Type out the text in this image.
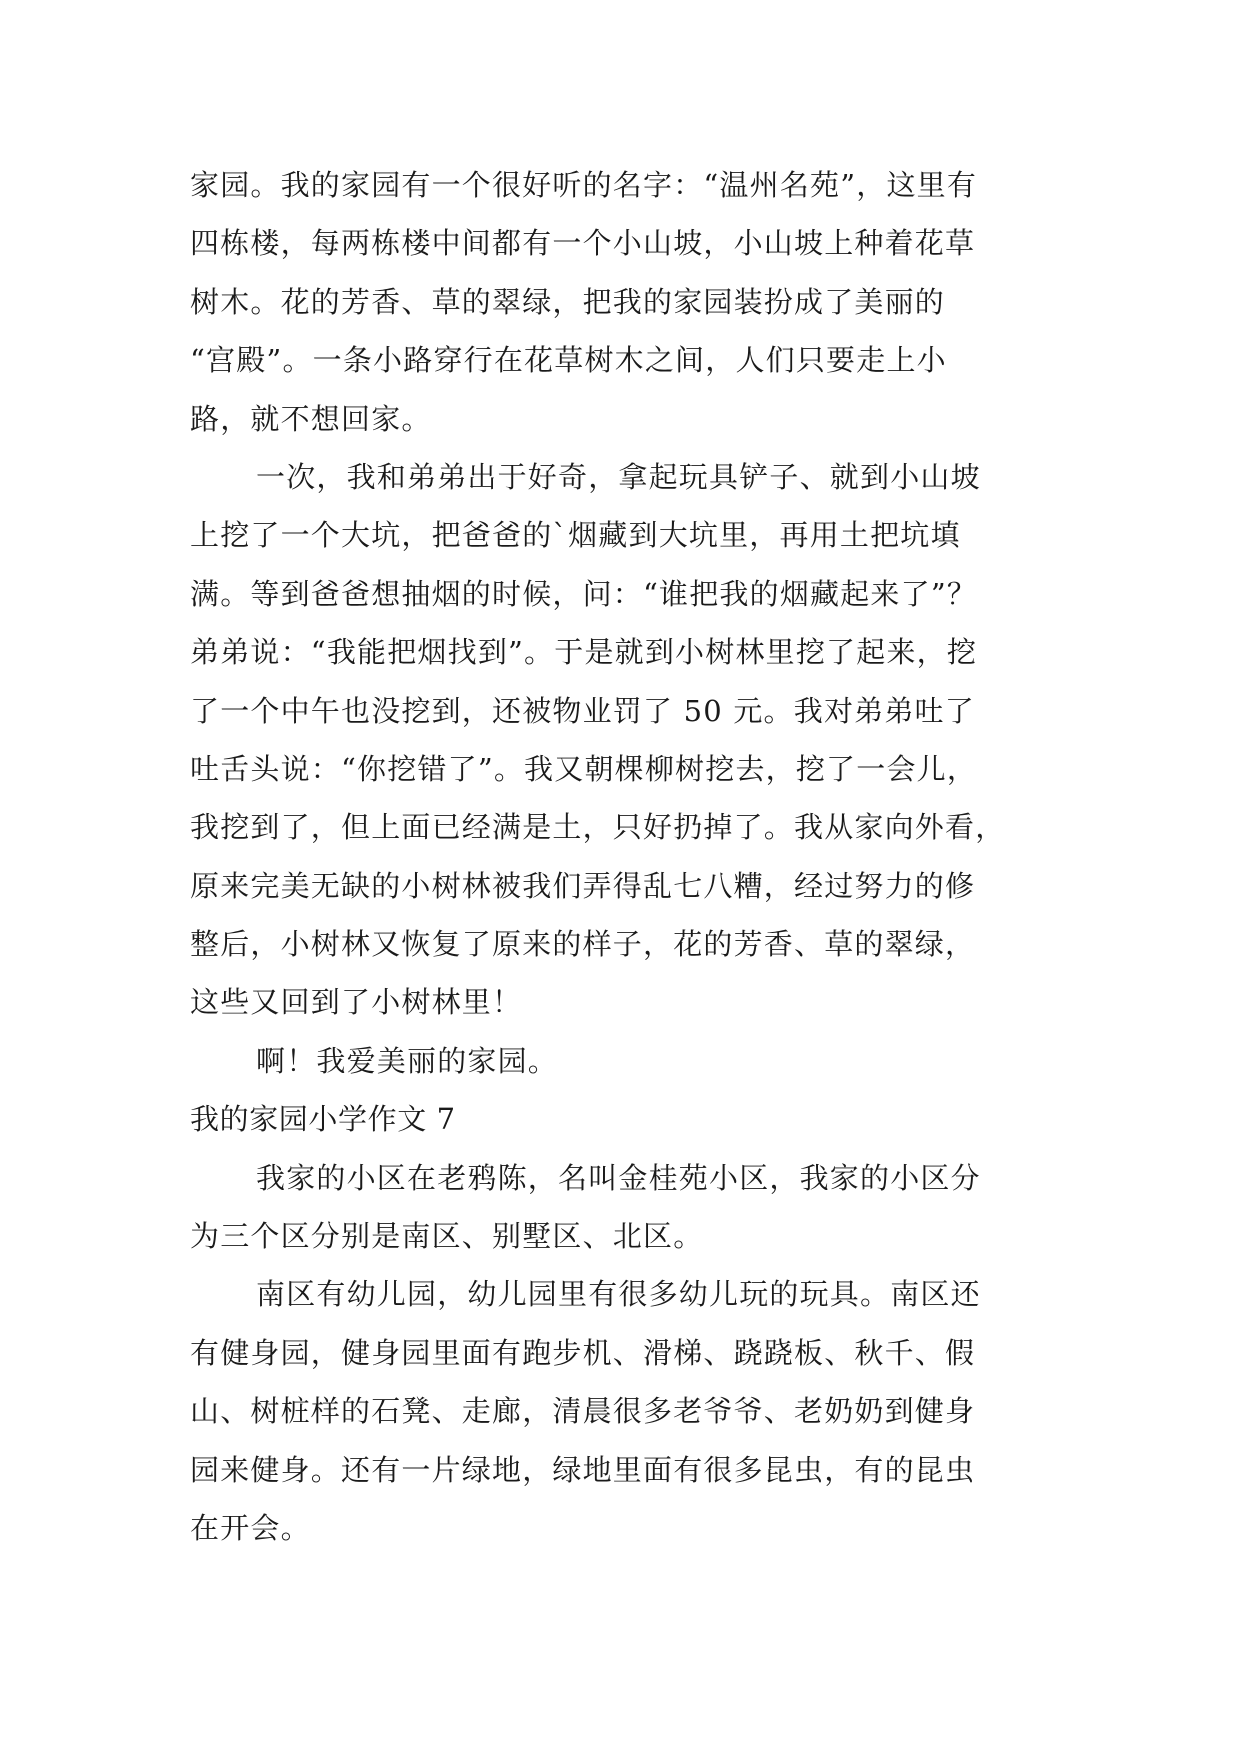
家园。我的家园有一个很好听的名字：“温州名苑”，这里有
四栋楼，每两栋楼中间都有一个小山坡，小山坡上种着花草
树木。花的芳香、草的翠绿，把我的家园装扮成了美丽的
“宫殿”。一条小路穿行在花草树木之间，人们只要走上小
路，就不想回家。
一次，我和弟弟出于好奇，拿起玩具铲子、就到小山坡
上挖了一个大坑，把爸爸的`烟藏到大坑里，再用土把坑填
满。等到爸爸想抽烟的时候，问：“谁把我的烟藏起来了”？
弟弟说：“我能把烟找到”。于是就到小树林里挖了起来，挖
了一个中午也没挖到，还被物业罚了 50 元。我对弟弟吐了
吐舌头说：“你挖错了”。我又朝棵柳树挖去，挖了一会儿，
我挖到了，但上面已经满是土，只好扔掉了。我从家向外看，
原来完美无缺的小树林被我们弄得乱七八糟，经过努力的修
整后，小树林又恢复了原来的样子，花的芳香、草的翠绿，
这些又回到了小树林里！
啊！我爱美丽的家园。
我的家园小学作文 7
我家的小区在老鸦陈，名叫金桂苑小区，我家的小区分
为三个区分别是南区、别墅区、北区。
南区有幼儿园，幼儿园里有很多幼儿玩的玩具。南区还
有健身园，健身园里面有跑步机、滑梯、跷跷板、秋千、假
山、树桩样的石凳、走廊，清晨很多老爷爷、老奶奶到健身
园来健身。还有一片绿地，绿地里面有很多昆虫，有的昆虫
在开会。
